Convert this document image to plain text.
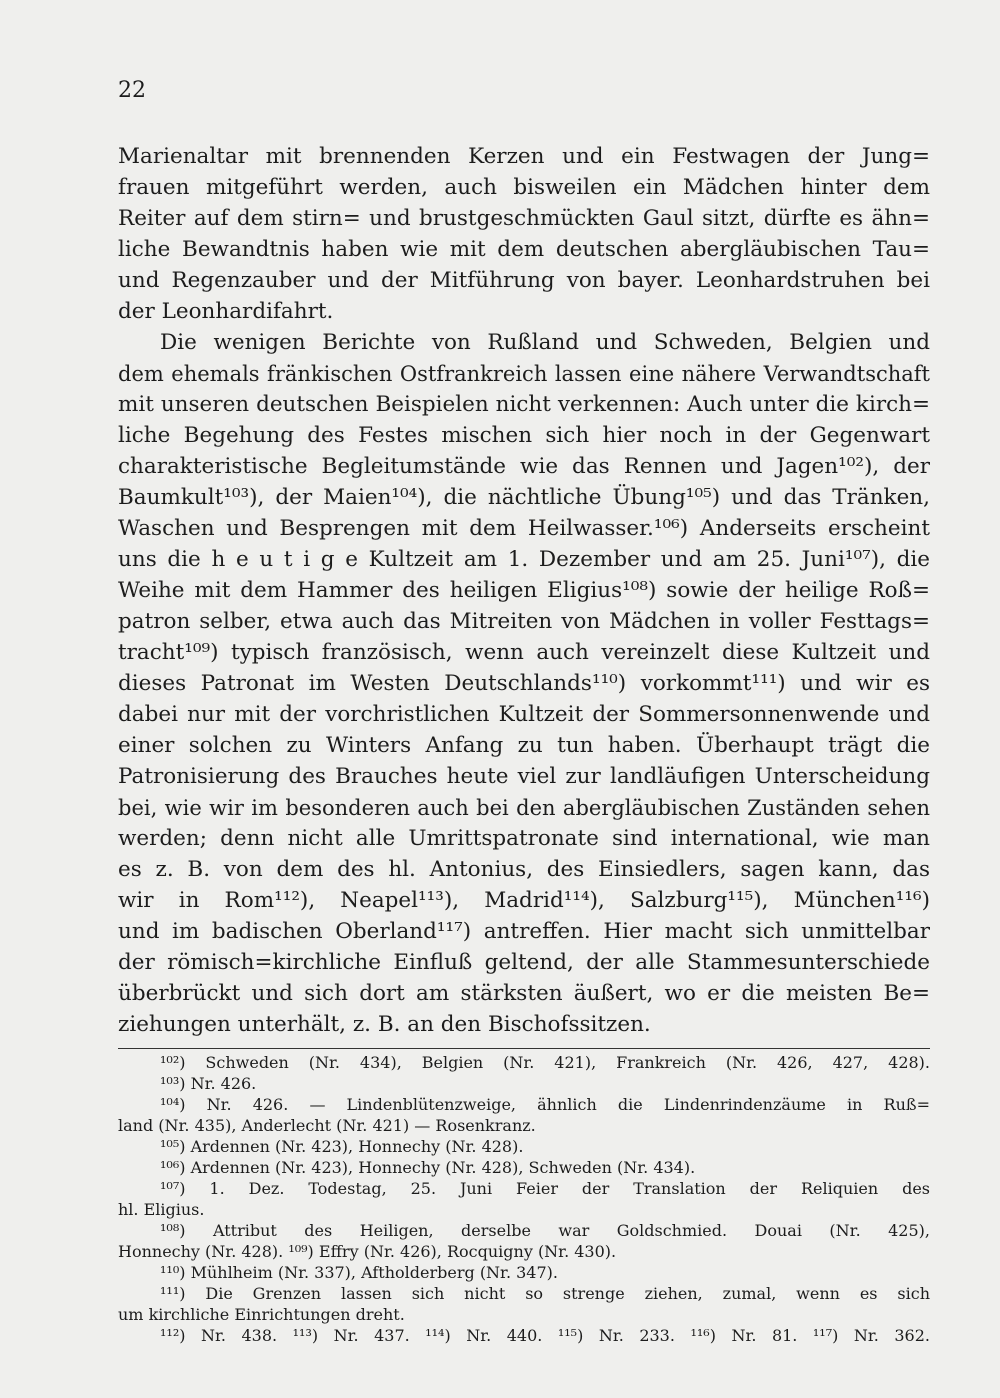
22
Marienaltar mit brennenden Kerzen und ein Festwagen der Jung=
frauen mitgeführt werden, auch bisweilen ein Mädchen hinter dem
Reiter auf dem stirn= und brustgeschmückten Gaul sitzt, dürfte es ähn=
liche Bewandtnis haben wie mit dem deutschen abergläubischen Tau=
und Regenzauber und der Mitführung von bayer. Leonhardstruhen bei
der Leonhardifahrt.
Die wenigen Berichte von Rußland und Schweden, Belgien und
dem ehemals fränkischen Ostfrankreich lassen eine nähere Verwandtschaft
mit unseren deutschen Beispielen nicht verkennen: Auch unter die kirch=
liche Begehung des Festes mischen sich hier noch in der Gegenwart
charakteristische Begleitumstände wie das Rennen und Jagen¹⁰²), der
Baumkult¹⁰³), der Maien¹⁰⁴), die nächtliche Übung¹⁰⁵) und das Tränken,
Waschen und Besprengen mit dem Heilwasser.¹⁰⁶) Anderseits erscheint
uns die h e u t i g e Kultzeit am 1. Dezember und am 25. Juni¹⁰⁷), die
Weihe mit dem Hammer des heiligen Eligius¹⁰⁸) sowie der heilige Roß=
patron selber, etwa auch das Mitreiten von Mädchen in voller Festtags=
tracht¹⁰⁹) typisch französisch, wenn auch vereinzelt diese Kultzeit und
dieses Patronat im Westen Deutschlands¹¹⁰) vorkommt¹¹¹) und wir es
dabei nur mit der vorchristlichen Kultzeit der Sommersonnenwende und
einer solchen zu Winters Anfang zu tun haben. Überhaupt trägt die
Patronisierung des Brauches heute viel zur landläufigen Unterscheidung
bei, wie wir im besonderen auch bei den abergläubischen Zuständen sehen
werden; denn nicht alle Umrittspatronate sind international, wie man
es z. B. von dem des hl. Antonius, des Einsiedlers, sagen kann, das
wir in Rom¹¹²), Neapel¹¹³), Madrid¹¹⁴), Salzburg¹¹⁵), München¹¹⁶)
und im badischen Oberland¹¹⁷) antreffen. Hier macht sich unmittelbar
der römisch=kirchliche Einfluß geltend, der alle Stammesunterschiede
überbrückt und sich dort am stärksten äußert, wo er die meisten Be=
ziehungen unterhält, z. B. an den Bischofssitzen.
¹⁰²) Schweden (Nr. 434), Belgien (Nr. 421), Frankreich (Nr. 426, 427, 428).
¹⁰³) Nr. 426.
¹⁰⁴) Nr. 426. — Lindenblütenzweige, ähnlich die Lindenrindenzäume in Ruß=
land (Nr. 435), Anderlecht (Nr. 421) — Rosenkranz.
¹⁰⁵) Ardennen (Nr. 423), Honnechy (Nr. 428).
¹⁰⁶) Ardennen (Nr. 423), Honnechy (Nr. 428), Schweden (Nr. 434).
¹⁰⁷) 1. Dez. Todestag, 25. Juni Feier der Translation der Reliquien des
hl. Eligius.
¹⁰⁸) Attribut des Heiligen, derselbe war Goldschmied. Douai (Nr. 425),
Honnechy (Nr. 428). ¹⁰⁹) Effry (Nr. 426), Rocquigny (Nr. 430).
¹¹⁰) Mühlheim (Nr. 337), Aftholderberg (Nr. 347).
¹¹¹) Die Grenzen lassen sich nicht so strenge ziehen, zumal, wenn es sich
um kirchliche Einrichtungen dreht.
¹¹²) Nr. 438. ¹¹³) Nr. 437. ¹¹⁴) Nr. 440. ¹¹⁵) Nr. 233. ¹¹⁶) Nr. 81. ¹¹⁷) Nr. 362.
